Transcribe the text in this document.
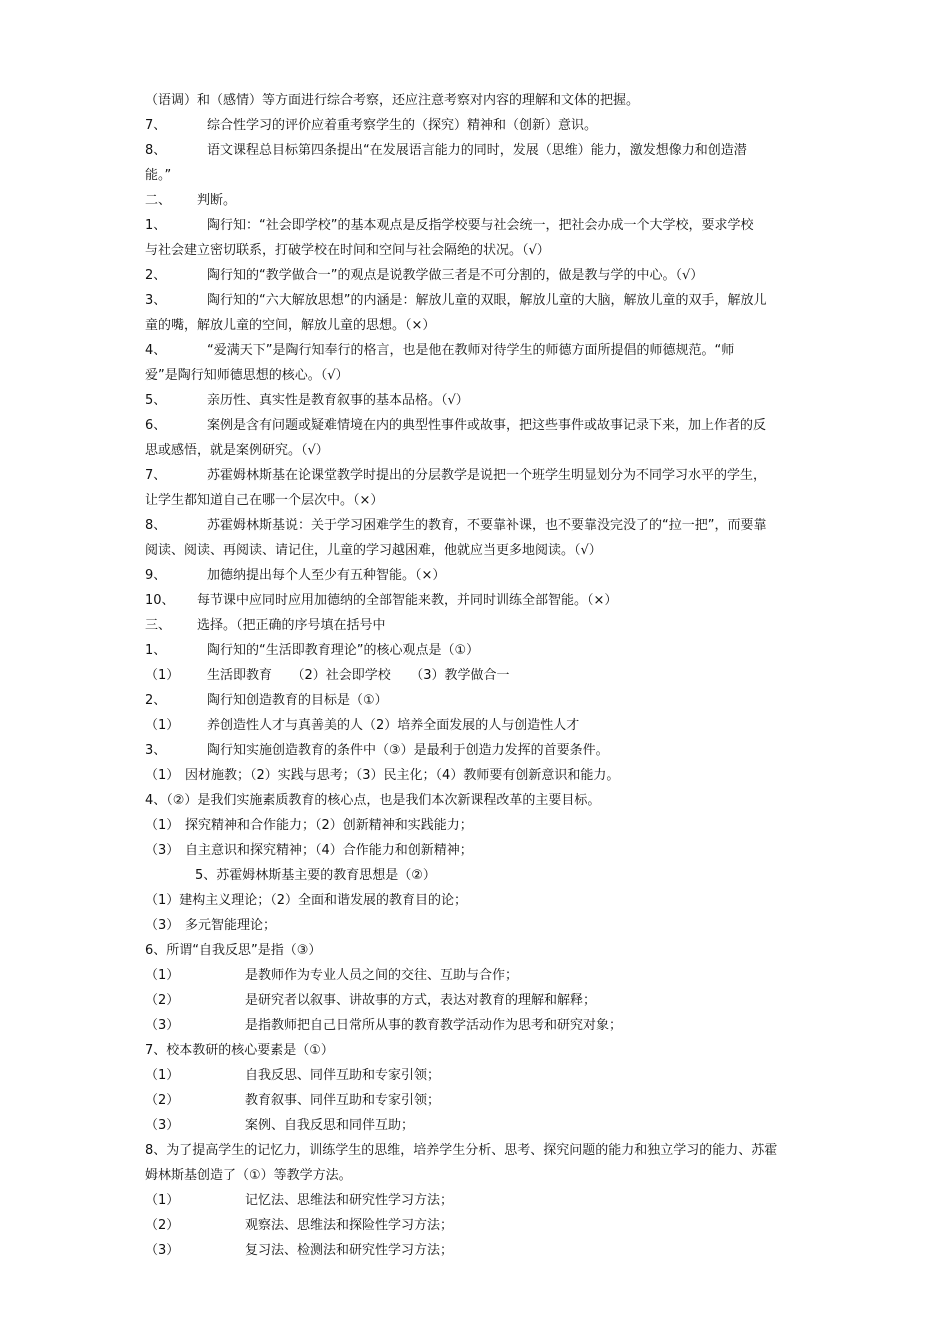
（语调）和（感情）等方面进行综合考察，还应注意考察对内容的理解和文体的把握。
7、	综合性学习的评价应着重考察学生的（探究）精神和（创新）意识。
8、	语文课程总目标第四条提出“在发展语言能力的同时，发展（思维）能力，激发想像力和创造潜
能。”
二、 判断。
1、	陶行知：“社会即学校”的基本观点是反指学校要与社会统一，把社会办成一个大学校，要求学校
与社会建立密切联系，打破学校在时间和空间与社会隔绝的状况。（√）
2、	陶行知的“教学做合一”的观点是说教学做三者是不可分割的，做是教与学的中心。（√）
3、	陶行知的“六大解放思想”的内涵是：解放儿童的双眼，解放儿童的大脑，解放儿童的双手，解放儿
童的嘴，解放儿童的空间，解放儿童的思想。（×）
4、	“爱满天下”是陶行知奉行的格言，也是他在教师对待学生的师德方面所提倡的师德规范。“师
爱”是陶行知师德思想的核心。（√）
5、	亲历性、真实性是教育叙事的基本品格。（√）
6、	案例是含有问题或疑难情境在内的典型性事件或故事，把这些事件或故事记录下来，加上作者的反
思或感悟，就是案例研究。（√）
7、	苏霍姆林斯基在论课堂教学时提出的分层教学是说把一个班学生明显划分为不同学习水平的学生，
让学生都知道自己在哪一个层次中。（×）
8、	苏霍姆林斯基说：关于学习困难学生的教育，不要靠补课，也不要靠没完没了的“拉一把”，而要靠
阅读、阅读、再阅读、请记住，儿童的学习越困难，他就应当更多地阅读。（√）
9、	加德纳提出每个人至少有五种智能。（×）
10、 每节课中应同时应用加德纳的全部智能来教，并同时训练全部智能。（×）
三、 选择。（把正确的序号填在括号中
1、	陶行知的“生活即教育理论”的核心观点是（①）
（1） 生活即教育　　（2）社会即学校　　（3）教学做合一
2、	陶行知创造教育的目标是（①）
（1） 养创造性人才与真善美的人（2）培养全面发展的人与创造性人才
3、	陶行知实施创造教育的条件中（③）是最利于创造力发挥的首要条件。
（1） 因材施教；（2）实践与思考；（3）民主化；（4）教师要有创新意识和能力。
4、（②）是我们实施素质教育的核心点，也是我们本次新课程改革的主要目标。
（1） 探究精神和合作能力；（2）创新精神和实践能力；
（3） 自主意识和探究精神；（4）合作能力和创新精神；
5、苏霍姆林斯基主要的教育思想是（②）
（1）建构主义理论；（2）全面和谐发展的教育目的论；
（3） 多元智能理论；
6、所谓“自我反思”是指（③）
（1）	是教师作为专业人员之间的交往、互助与合作；
（2）	是研究者以叙事、讲故事的方式，表达对教育的理解和解释；
（3）	是指教师把自己日常所从事的教育教学活动作为思考和研究对象；
7、校本教研的核心要素是（①）
（1）	自我反思、同伴互助和专家引领；
（2）	教育叙事、同伴互助和专家引领；
（3）	案例、自我反思和同伴互助；
8、为了提高学生的记忆力，训练学生的思维，培养学生分析、思考、探究问题的能力和独立学习的能力、苏霍
姆林斯基创造了（①）等教学方法。
（1）	记忆法、思维法和研究性学习方法；
（2）	观察法、思维法和探险性学习方法；
（3）	复习法、检测法和研究性学习方法；
